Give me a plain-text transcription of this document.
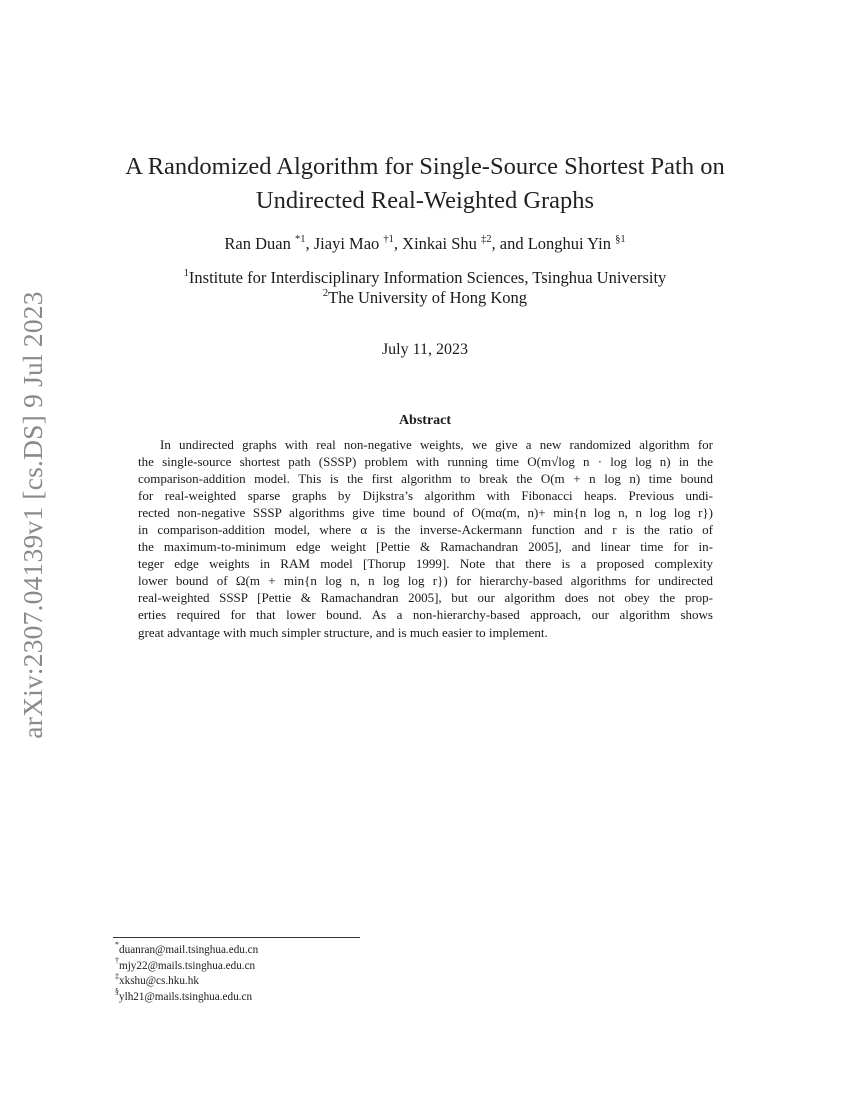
arXiv:2307.04139v1 [cs.DS] 9 Jul 2023
A Randomized Algorithm for Single-Source Shortest Path on
Undirected Real-Weighted Graphs
Ran Duan $^{*1}$, Jiayi Mao $^{\dagger 1}$, Xinkai Shu $^{\ddagger 2}$, and Longhui Yin $^{\S 1}$
$^1$Institute for Interdisciplinary Information Sciences, Tsinghua University
$^2$The University of Hong Kong
July 11, 2023
Abstract
In undirected graphs with real non-negative weights, we give a new randomized algorithm for
the single-source shortest path (SSSP) problem with running time O(m√log n · log log n) in the
comparison-addition model. This is the first algorithm to break the O(m + n log n) time bound
for real-weighted sparse graphs by Dijkstra’s algorithm with Fibonacci heaps. Previous undi-
rected non-negative SSSP algorithms give time bound of O(mα(m, n)+ min{n log n, n log log r})
in comparison-addition model, where α is the inverse-Ackermann function and r is the ratio of
the maximum-to-minimum edge weight [Pettie & Ramachandran 2005], and linear time for in-
teger edge weights in RAM model [Thorup 1999]. Note that there is a proposed complexity
lower bound of Ω(m + min{n log n, n log log r}) for hierarchy-based algorithms for undirected
real-weighted SSSP [Pettie & Ramachandran 2005], but our algorithm does not obey the prop-
erties required for that lower bound. As a non-hierarchy-based approach, our algorithm shows
great advantage with much simpler structure, and is much easier to implement.
*duanran@mail.tsinghua.edu.cn
†mjy22@mails.tsinghua.edu.cn
‡xkshu@cs.hku.hk
§ylh21@mails.tsinghua.edu.cn
